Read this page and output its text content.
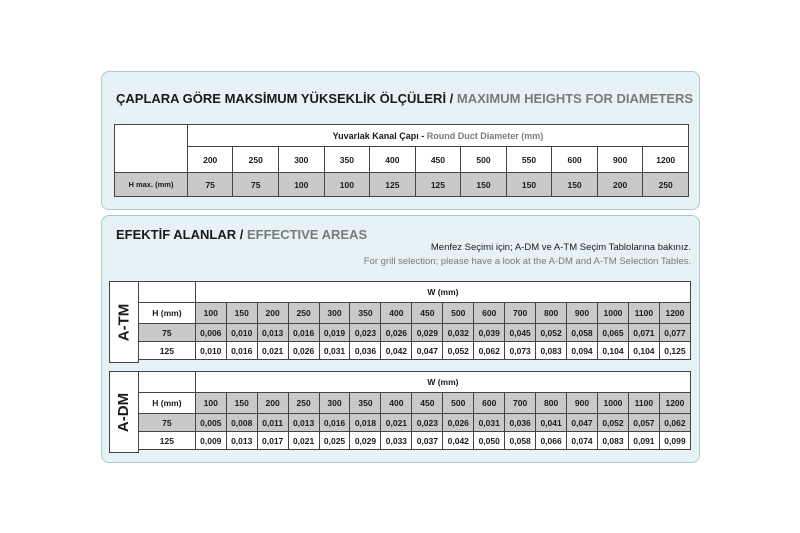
ÇAPLARA GÖRE MAKSİMUM YÜKSEKLİK ÖLÇÜLERİ / MAXIMUM HEIGHTS FOR DIAMETERS
	Yuvarlak Kanal Çapı - Round Duct Diameter (mm)										
	200	250	300	350	400	450	500	550	600	900	1200
H max. (mm)	75	75	100	100	125	125	150	150	150	200	250
EFEKTİF ALANLAR / EFFECTIVE AREAS
Menfez Seçimi için; A-DM ve A-TM Seçim Tablolarına bakınız.
For grill selection; please have a look at the A-DM and A-TM Selection Tables.
A-TM
	W (mm)															
H (mm)	100	150	200	250	300	350	400	450	500	600	700	800	900	1000	1100	1200
75	0,006	0,010	0,013	0,016	0,019	0,023	0,026	0,029	0,032	0,039	0,045	0,052	0,058	0,065	0,071	0,077
125	0,010	0,016	0,021	0,026	0,031	0,036	0,042	0,047	0,052	0,062	0,073	0,083	0,094	0,104	0,104	0,125
A-DM
	W (mm)															
H (mm)	100	150	200	250	300	350	400	450	500	600	700	800	900	1000	1100	1200
75	0,005	0,008	0,011	0,013	0,016	0,018	0,021	0,023	0,026	0,031	0,036	0,041	0,047	0,052	0,057	0,062
125	0,009	0,013	0,017	0,021	0,025	0,029	0,033	0,037	0,042	0,050	0,058	0,066	0,074	0,083	0,091	0,099
